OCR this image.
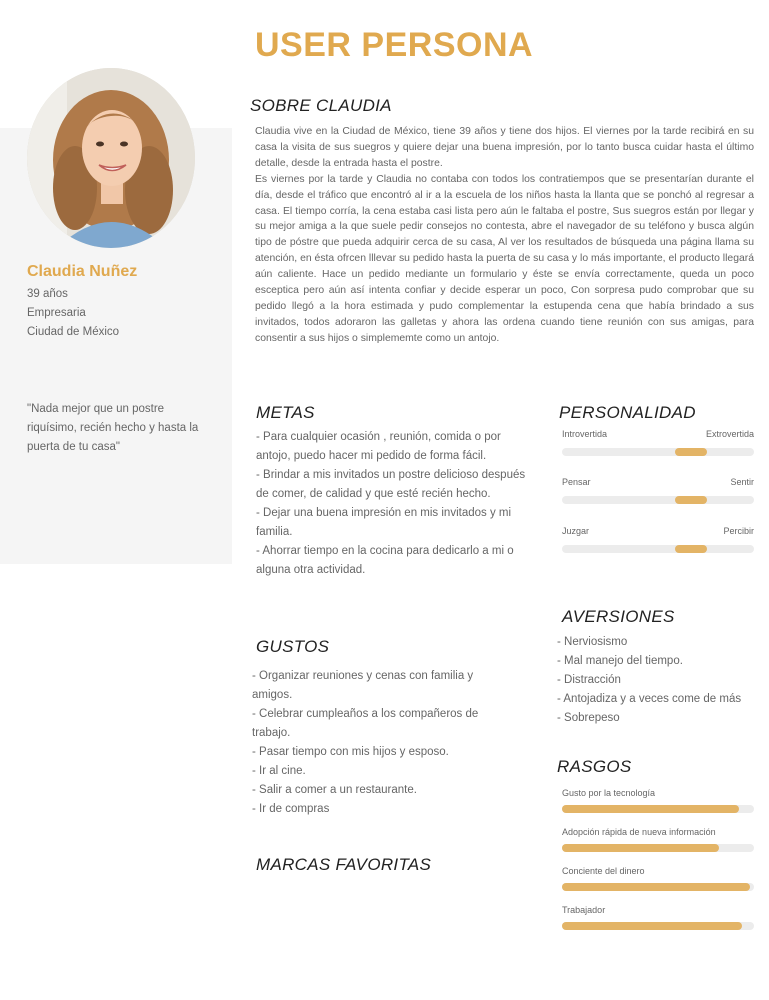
Claudia Nuñez
39 años
Empresaria
Ciudad de México
"Nada mejor que un postre riquísimo, recién hecho y hasta la puerta de tu casa"
USER PERSONA
SOBRE CLAUDIA

Claudia vive en la Ciudad de México, tiene 39 años y tiene dos hijos. El viernes por la tarde recibirá en su casa la visita de sus suegros y quiere dejar una buena impresión, por lo tanto busca cuidar hasta el último detalle, desde la entrada hasta el postre.

Es viernes por la tarde y Claudia no contaba con todos los contratiempos que se presentarían durante el día, desde el tráfico que encontró al ir a la escuela de los niños hasta la llanta que se ponchó al regresar a casa. El tiempo corría, la cena estaba casi lista pero aún le faltaba el postre, Sus suegros están por llegar y su mejor amiga a la que suele pedir consejos no contesta, abre el navegador de su teléfono y busca algún tipo de póstre que pueda adquirir cerca de su casa, Al ver los resultados de búsqueda una página llama su atención, en ésta ofrcen lllevar su pedido hasta la puerta de su casa y lo más importante, el producto llegará aún caliente. Hace un pedido mediante un formulario y éste se envía correctamente, queda un poco esceptica pero aún así intenta confiar y decide esperar un poco, Con sorpresa pudo comprobar que su pedido llegó a la hora estimada y pudo complementar la estupenda cena que había brindado a sus invitados, todos adoraron las galletas y ahora las ordena cuando tiene reunión con sus amigas, para consentir a sus hijos o simplememte como un antojo.

METAS
- Para cualquier ocasión , reunión, comida o por antojo, puedo hacer mi pedido de forma fácil.
- Brindar a mis invitados un postre delicioso después de comer, de calidad y que esté recién hecho.
- Dejar una buena impresión en mis invitados y mi familia.
- Ahorrar tiempo en la cocina para dedicarlo a mi o alguna otra actividad.
GUSTOS
- Organizar reuniones y cenas con familia y amigos.
- Celebrar cumpleaños a los compañeros de trabajo.
- Pasar tiempo con mis hijos y esposo.
- Ir al cine.
- Salir a comer a un restaurante.
- Ir de compras
MARCAS FAVORITAS
PERSONALIDAD
Introvertida	Extrovertida
Pensar	Sentir
Juzgar	Percibir
AVERSIONES
- Nerviosismo
- Mal manejo del tiempo.
- Distracción
- Antojadiza y a veces come de más
- Sobrepeso
RASGOS
Gusto por la tecnología
Adopción rápida de nueva información
Conciente del dinero
Trabajador
